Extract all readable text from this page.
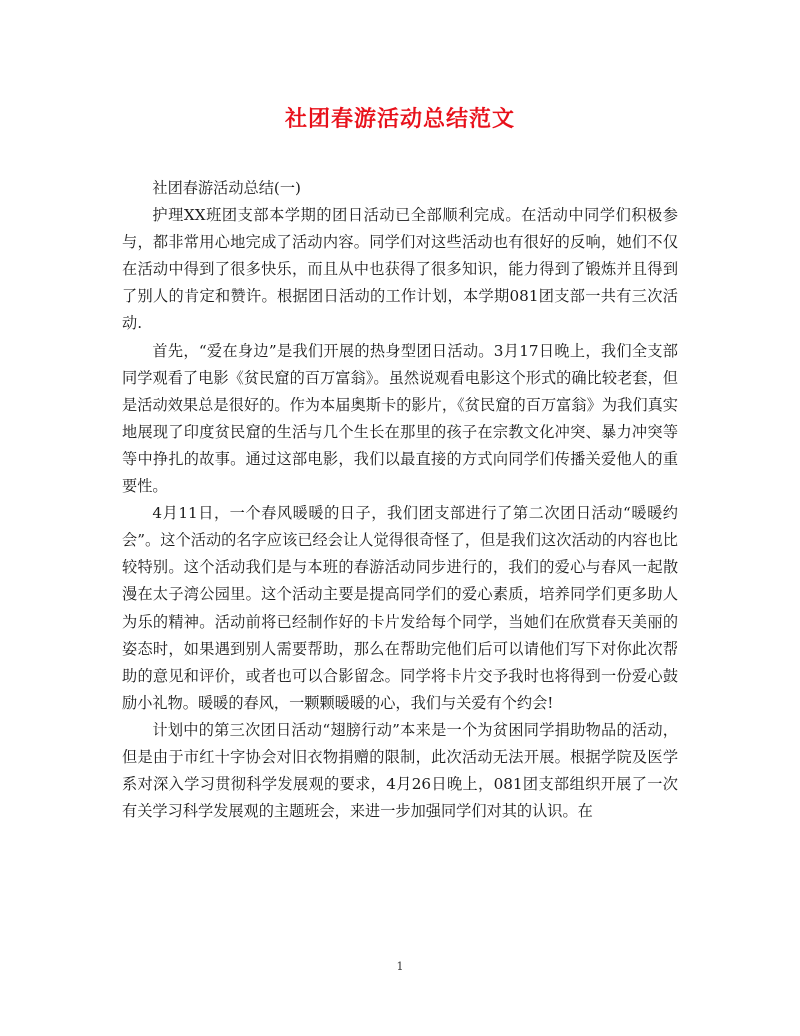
社团春游活动总结范文

社团春游活动总结(一)

护理XX班团支部本学期的团日活动已全部顺利完成。在活动中同学们积极参与，都非常用心地完成了活动内容。同学们对这些活动也有很好的反响，她们不仅在活动中得到了很多快乐，而且从中也获得了很多知识，能力得到了锻炼并且得到了别人的肯定和赞许。根据团日活动的工作计划，本学期081团支部一共有三次活动.

首先，“爱在身边”是我们开展的热身型团日活动。3月17日晚上，我们全支部同学观看了电影《贫民窟的百万富翁》。虽然说观看电影这个形式的确比较老套，但是活动效果总是很好的。作为本届奥斯卡的影片，《贫民窟的百万富翁》为我们真实地展现了印度贫民窟的生活与几个生长在那里的孩子在宗教文化冲突、暴力冲突等等中挣扎的故事。通过这部电影，我们以最直接的方式向同学们传播关爱他人的重要性。

4月11日，一个春风暖暖的日子，我们团支部进行了第二次团日活动“暖暖约会”。这个活动的名字应该已经会让人觉得很奇怪了，但是我们这次活动的内容也比较特别。这个活动我们是与本班的春游活动同步进行的，我们的爱心与春风一起散漫在太子湾公园里。这个活动主要是提高同学们的爱心素质，培养同学们更多助人为乐的精神。活动前将已经制作好的卡片发给每个同学，当她们在欣赏春天美丽的姿态时，如果遇到别人需要帮助，那么在帮助完他们后可以请他们写下对你此次帮助的意见和评价，或者也可以合影留念。同学将卡片交予我时也将得到一份爱心鼓励小礼物。暖暖的春风，一颗颗暖暖的心，我们与关爱有个约会!

计划中的第三次团日活动“翅膀行动”本来是一个为贫困同学捐助物品的活动，但是由于市红十字协会对旧衣物捐赠的限制，此次活动无法开展。根据学院及医学系对深入学习贯彻科学发展观的要求，4月26日晚上，081团支部组织开展了一次有关学习科学发展观的主题班会，来进一步加强同学们对其的认识。在

1
